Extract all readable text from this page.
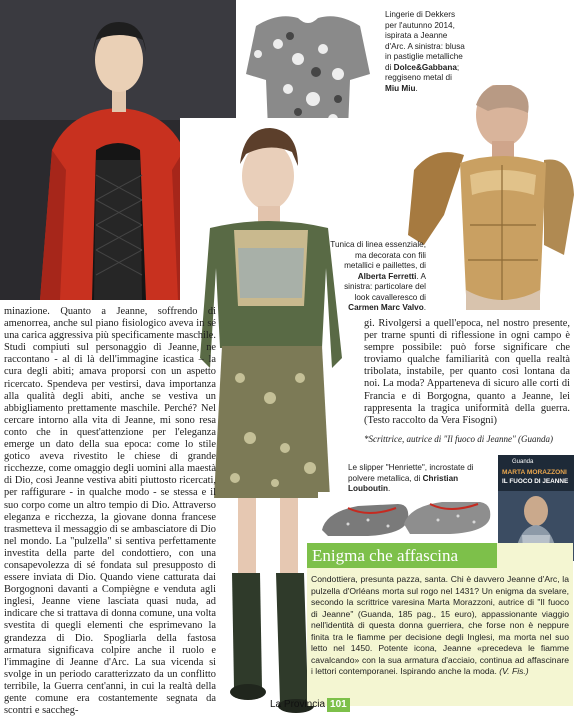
Guanda
MARTA MORAZZONI
IL FUOCO DI JEANNE
Lingerie di Dekkers per l'autunno 2014, ispirata a Jeanne d'Arc. A sinistra: blusa in pastiglie metalliche di Dolce&Gabbana; reggiseno metal di Miu Miu.
Tunica di linea essenziale, ma decorata con fili metallici e paillettes, di Alberta Ferretti. A sinistra: particolare del look cavalleresco di Carmen Marc Valvo.
Le slipper "Henriette", incrostate di polvere metallica, di Christian Louboutin.

minazione. Quanto a Jeanne, soffrendo di amenorrea, anche sul piano fisiologico aveva in sé una carica aggressiva più specificamente maschile. Studi compiuti sul personaggio di Jeanne, ne raccontano - al di là dell'immagine icastica – la cura degli abiti; amava proporsi con un aspetto ricercato. Spendeva per vestirsi, dava importanza alla qualità degli abiti, anche se vestiva un abbigliamento prettamente maschile. Perché? Nel cercare intorno alla vita di Jeanne, mi sono resa conto che in quest'attenzione per l'eleganza emerge un dato della sua epoca: come lo stile gotico aveva rivestito le chiese di grande ricchezze, come omaggio degli uomini alla maestà di Dio, così Jeanne vestiva abiti piuttosto ricercati, per raffigurare - in qualche modo - se stessa e il suo corpo come un altro tempio di Dio. Attraverso eleganza e ricchezza, la giovane donna francese trasmetteva il messaggio di se ambasciatore di Dio nel mondo. La "pulzella" si sentiva perfettamente investita della parte del condottiero, con una consapevolezza di sé fondata sul presupposto di essere inviata di Dio. Quando viene catturata dai Borgognoni davanti a Compiègne e venduta agli inglesi, Jeanne viene lasciata quasi nuda, ad indicare che si trattava di donna comune, una volta svestita di quegli elementi che esprimevano la grandezza di Dio. Spogliarla della fastosa armatura significava colpire anche il ruolo e l'immagine di Jeanne d'Arc. La sua vicenda si svolge in un periodo caratterizzato da un conflitto terribile, la Guerra cent'anni, in cui la realtà della gente comune era costantemente segnata da scontri e saccheg-

gi. Rivolgersi a quell'epoca, nel nostro presente, per trarne spunti di riflessione in ogni campo è sempre possibile: può forse significare che troviamo qualche familiarità con quella realtà tribolata, instabile, per quanto così lontana da noi. La moda? Apparteneva di sicuro alle corti di Francia e di Borgogna, quanto a Jeanne, lei rappresenta la tragica uniformità della guerra. (Testo raccolto da Vera Fisogni)

*Scrittrice, autrice di "Il fuoco di Jeanne" (Guanda)

Enigma che affascina
Condottiera, presunta pazza, santa. Chi è davvero Jeanne d'Arc, la pulzella d'Orléans morta sul rogo nel 1431? Un enigma da svelare, secondo la scrittrice varesina Marta Morazzoni, autrice di "Il fuoco di Jeanne" (Guanda, 185 pag., 15 euro), appassionante viaggio nell'identità di questa donna guerriera, che forse non è neppure finita tra le fiamme per decisione degli Inglesi, ma morta nel suo letto nel 1450. Potente icona, Jeanne «precedeva le fiamme cavalcando» con la sua armatura d'acciaio, continua ad affascinare i lettori contemporanei. Ispirando anche la moda. (V. Fis.)
La Provincia 101
